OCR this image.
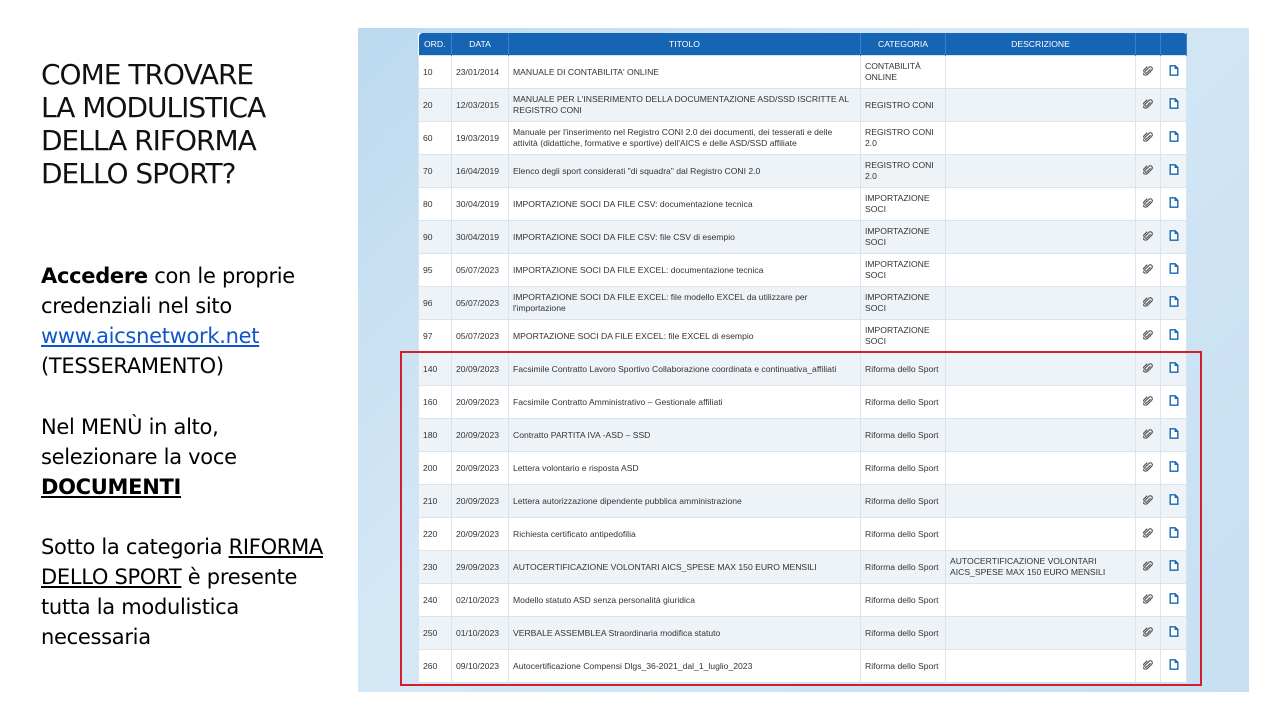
COME TROVARE
LA MODULISTICA
DELLA RIFORMA
DELLO SPORT?

Accedere con le proprie credenziali nel sito www.aicsnetwork.net (TESSERAMENTO)

Nel MENÙ in alto, selezionare la voce DOCUMENTI

Sotto la categoria RIFORMA DELLO SPORT è presente tutta la modulistica necessaria

ORD.	DATA	TITOLO	CATEGORIA	DESCRIZIONE		
10	23/01/2014	MANUALE DI CONTABILITA' ONLINE	CONTABILITÀ ONLINE			
20	12/03/2015	MANUALE PER L'INSERIMENTO DELLA DOCUMENTAZIONE ASD/SSD ISCRITTE AL REGISTRO CONI	REGISTRO CONI			
60	19/03/2019	Manuale per l'inserimento nel Registro CONI 2.0 dei documenti, dei tesserati e delle attività (didattiche, formative e sportive) dell'AICS e delle ASD/SSD affiliate	REGISTRO CONI 2.0			
70	16/04/2019	Elenco degli sport considerati "di squadra" dal Registro CONI 2.0	REGISTRO CONI 2.0			
80	30/04/2019	IMPORTAZIONE SOCI DA FILE CSV: documentazione tecnica	IMPORTAZIONE SOCI			
90	30/04/2019	IMPORTAZIONE SOCI DA FILE CSV: file CSV di esempio	IMPORTAZIONE SOCI			
95	05/07/2023	IMPORTAZIONE SOCI DA FILE EXCEL: documentazione tecnica	IMPORTAZIONE SOCI			
96	05/07/2023	IMPORTAZIONE SOCI DA FILE EXCEL: file modello EXCEL da utilizzare per l'importazione	IMPORTAZIONE SOCI			
97	05/07/2023	MPORTAZIONE SOCI DA FILE EXCEL: file EXCEL di esempio	IMPORTAZIONE SOCI			
140	20/09/2023	Facsimile Contratto Lavoro Sportivo Collaborazione coordinata e continuativa_affiliati	Riforma dello Sport			
160	20/09/2023	Facsimile Contratto Amministrativo – Gestionale affiliati	Riforma dello Sport			
180	20/09/2023	Contratto PARTITA IVA -ASD – SSD	Riforma dello Sport			
200	20/09/2023	Lettera volontario e risposta ASD	Riforma dello Sport			
210	20/09/2023	Lettera autorizzazione dipendente pubblica amministrazione	Riforma dello Sport			
220	20/09/2023	Richiesta certificato antipedofilia	Riforma dello Sport			
230	29/09/2023	AUTOCERTIFICAZIONE VOLONTARI AICS_SPESE MAX 150 EURO MENSILI	Riforma dello Sport	AUTOCERTIFICAZIONE VOLONTARI AICS_SPESE MAX 150 EURO MENSILI		
240	02/10/2023	Modello statuto ASD senza personalità giuridica	Riforma dello Sport			
250	01/10/2023	VERBALE ASSEMBLEA Straordinaria modifica statuto	Riforma dello Sport			
260	09/10/2023	Autocertificazione Compensi Dlgs_36-2021_dal_1_luglio_2023	Riforma dello Sport			
